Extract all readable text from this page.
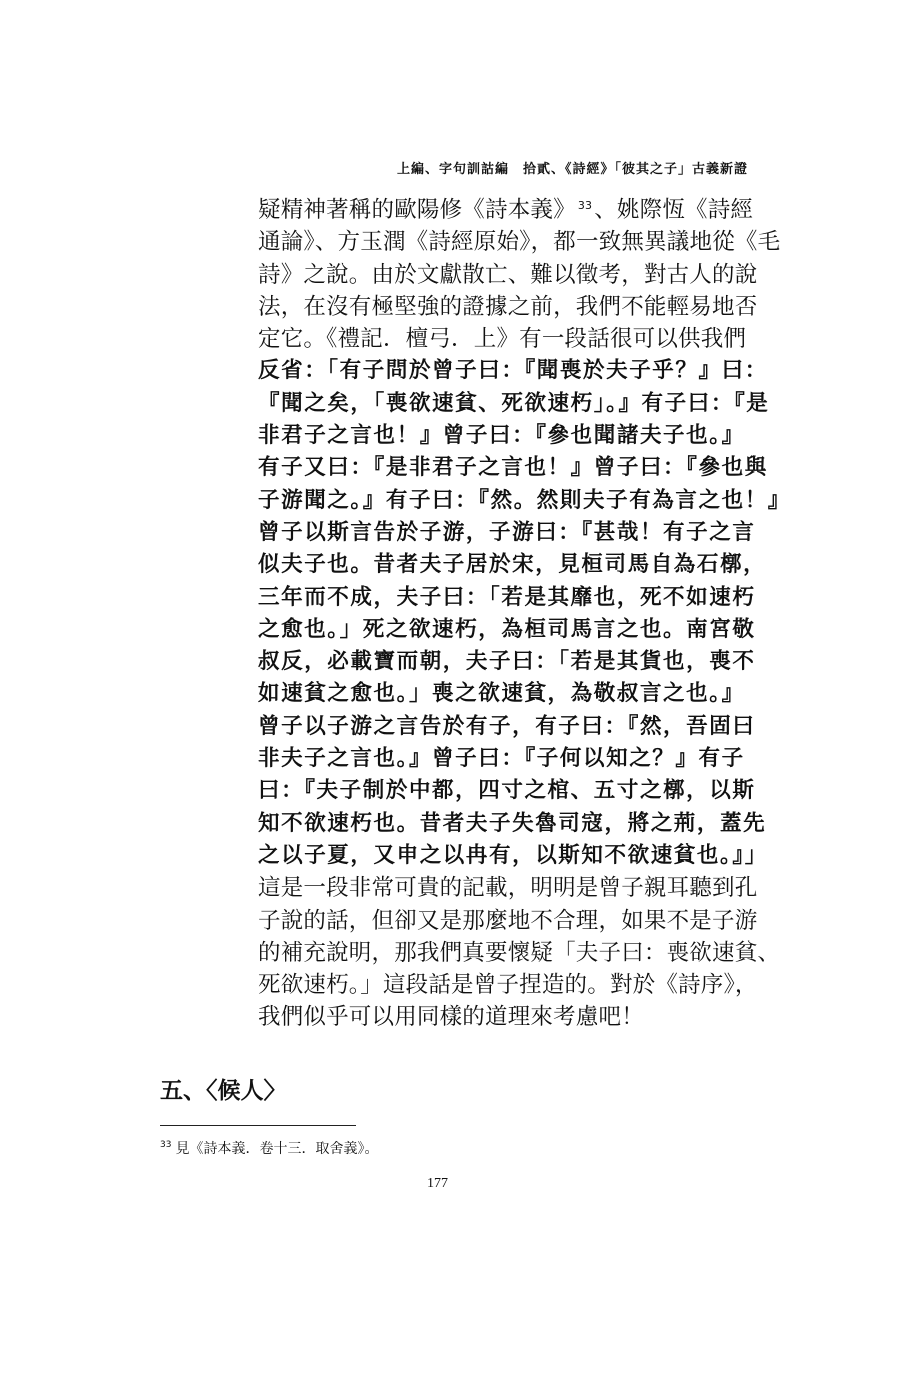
上編、字句訓詁編　拾貳、《詩經》「彼其之子」古義新證
疑精神著稱的歐陽修《詩本義》 $^{33}$、姚際恆《詩經
通論》、方玉潤《詩經原始》，都一致無異議地從《毛
詩》之說。由於文獻散亡、難以徵考，對古人的說
法，在沒有極堅強的證據之前，我們不能輕易地否
定它。《禮記．檀弓．上》有一段話很可以供我們
反省：「有子問於曾子曰：『聞喪於夫子乎？』曰：
『聞之矣，「喪欲速貧、死欲速朽」。』有子曰：『是
非君子之言也！』曾子曰：『參也聞諸夫子也。』
有子又曰：『是非君子之言也！』曾子曰：『參也與
子游聞之。』有子曰：『然。然則夫子有為言之也！』
曾子以斯言告於子游，子游曰：『甚哉！有子之言
似夫子也。昔者夫子居於宋，見桓司馬自為石槨，
三年而不成，夫子曰：「若是其靡也，死不如速朽
之愈也。」死之欲速朽，為桓司馬言之也。南宮敬
叔反，必載寶而朝，夫子曰：「若是其貨也，喪不
如速貧之愈也。」喪之欲速貧，為敬叔言之也。』
曾子以子游之言告於有子，有子曰：『然，吾固曰
非夫子之言也。』曾子曰：『子何以知之？』有子
曰：『夫子制於中都，四寸之棺、五寸之槨，以斯
知不欲速朽也。昔者夫子失魯司寇，將之荊，蓋先
之以子夏，又申之以冉有，以斯知不欲速貧也。』」
這是一段非常可貴的記載，明明是曾子親耳聽到孔
子說的話，但卻又是那麼地不合理，如果不是子游
的補充說明，那我們真要懷疑「夫子曰：喪欲速貧、
死欲速朽。」這段話是曾子捏造的。對於《詩序》，
我們似乎可以用同樣的道理來考慮吧！
五、〈候人〉
$^{33}$ 見《詩本義．卷十三．取舍義》。
177
